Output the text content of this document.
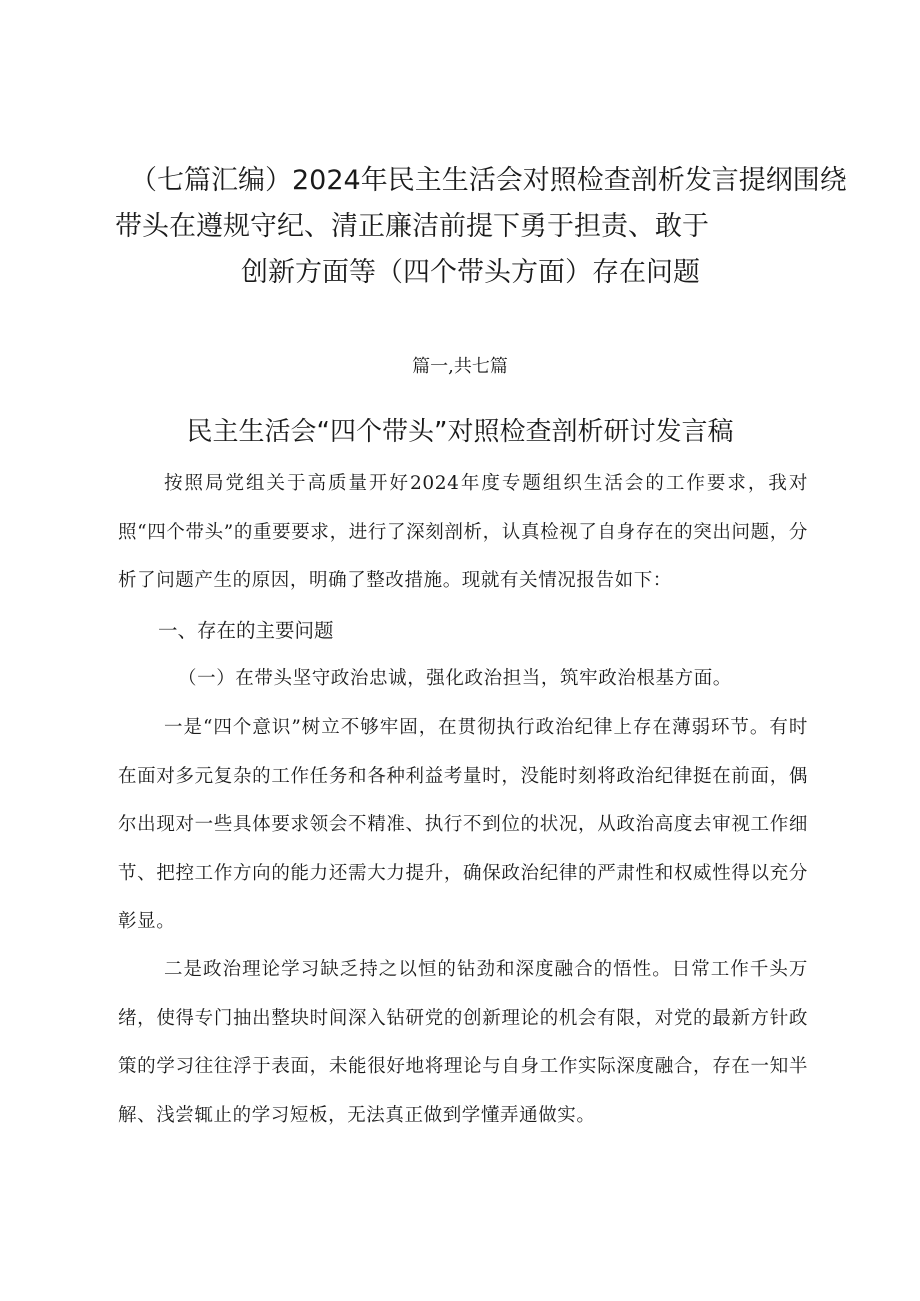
（七篇汇编）2024年民主生活会对照检查剖析发言提纲围绕
带头在遵规守纪、清正廉洁前提下勇于担责、敢于
创新方面等（四个带头方面）存在问题
篇一,共七篇
民主生活会“四个带头”对照检查剖析研讨发言稿

按照局党组关于高质量开好2024年度专题组织生活会的工作要求，我对照“四个带头”的重要要求，进行了深刻剖析，认真检视了自身存在的突出问题，分析了问题产生的原因，明确了整改措施。现就有关情况报告如下：

一、存在的主要问题
（一）在带头坚守政治忠诚，强化政治担当，筑牢政治根基方面。

一是“四个意识”树立不够牢固，在贯彻执行政治纪律上存在薄弱环节。有时在面对多元复杂的工作任务和各种利益考量时，没能时刻将政治纪律挺在前面，偶尔出现对一些具体要求领会不精准、执行不到位的状况，从政治高度去审视工作细节、把控工作方向的能力还需大力提升，确保政治纪律的严肃性和权威性得以充分彰显。

二是政治理论学习缺乏持之以恒的钻劲和深度融合的悟性。日常工作千头万绪，使得专门抽出整块时间深入钻研党的创新理论的机会有限，对党的最新方针政策的学习往往浮于表面，未能很好地将理论与自身工作实际深度融合，存在一知半解、浅尝辄止的学习短板，无法真正做到学懂弄通做实。
